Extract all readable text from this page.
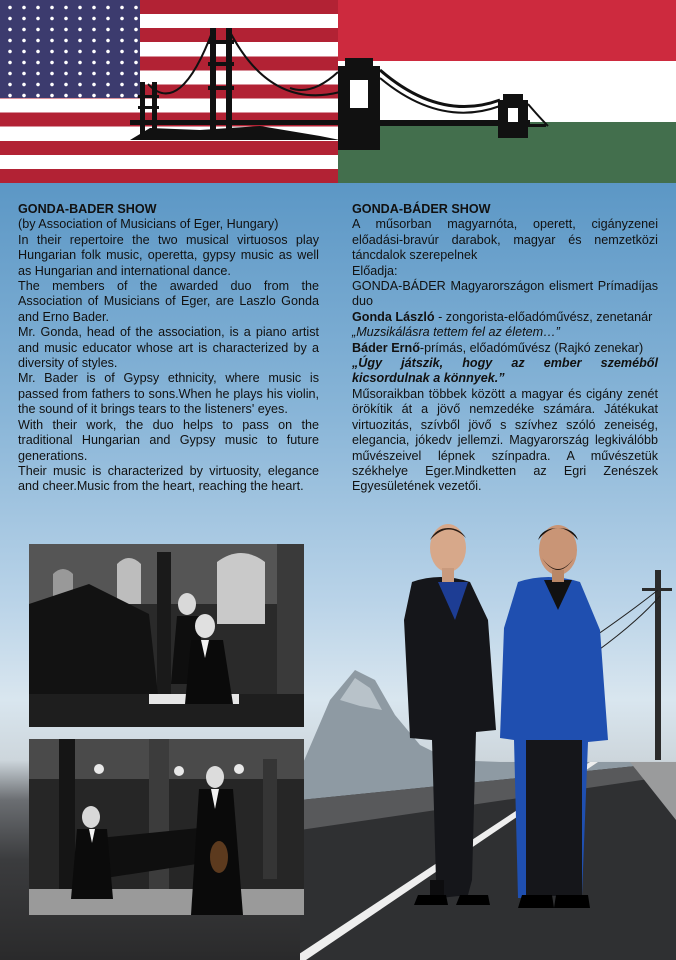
GONDA-BADER SHOW

(by Association of Musicians of Eger, Hungary)

In their repertoire the two musical virtuosos play Hungarian folk music, operetta, gypsy music as well as Hungarian and international dance.

The members of the awarded duo from the Association of Musicians of Eger, are Laszlo Gonda and Erno Bader.

Mr. Gonda, head of the association, is a piano artist and music educator whose art is characterized by a diversity of styles.

Mr. Bader is of Gypsy ethnicity, where music is passed from fathers to sons.When he plays his violin, the sound of it brings tears to the listeners' eyes.

With their work, the duo helps to pass on the traditional Hungarian and Gypsy music to future generations.

Their music is characterized by virtuosity, elegance and cheer.Music from the heart, reaching the heart.

GONDA-BÁDER SHOW

A műsorban magyarnóta, operett, cigányzenei előadási-bravúr darabok, magyar és nemzetközi táncdalok szerepelnek

Előadja:

GONDA-BÁDER Magyarországon elismert Prímadíjas duo

Gonda László - zongorista-előadóművész, zenetanár

„Muzsikálásra tettem fel az életem…”

Báder Ernő-prímás, előadóművész (Rajkó zenekar)

„Úgy játszik, hogy az ember szeméből kicsordulnak a könnyek.”

Műsoraikban többek között a magyar és cigány zenét örökítik át a jövő nemzedéke számára. Játékukat virtuozitás, szívből jövő s szívhez szóló zeneiség, elegancia, jókedv jellemzi. Magyarország legkiválóbb művészeivel lépnek színpadra. A művészetük székhelye Eger.Mindketten az Egri Zenészek Egyesületének vezetői.
